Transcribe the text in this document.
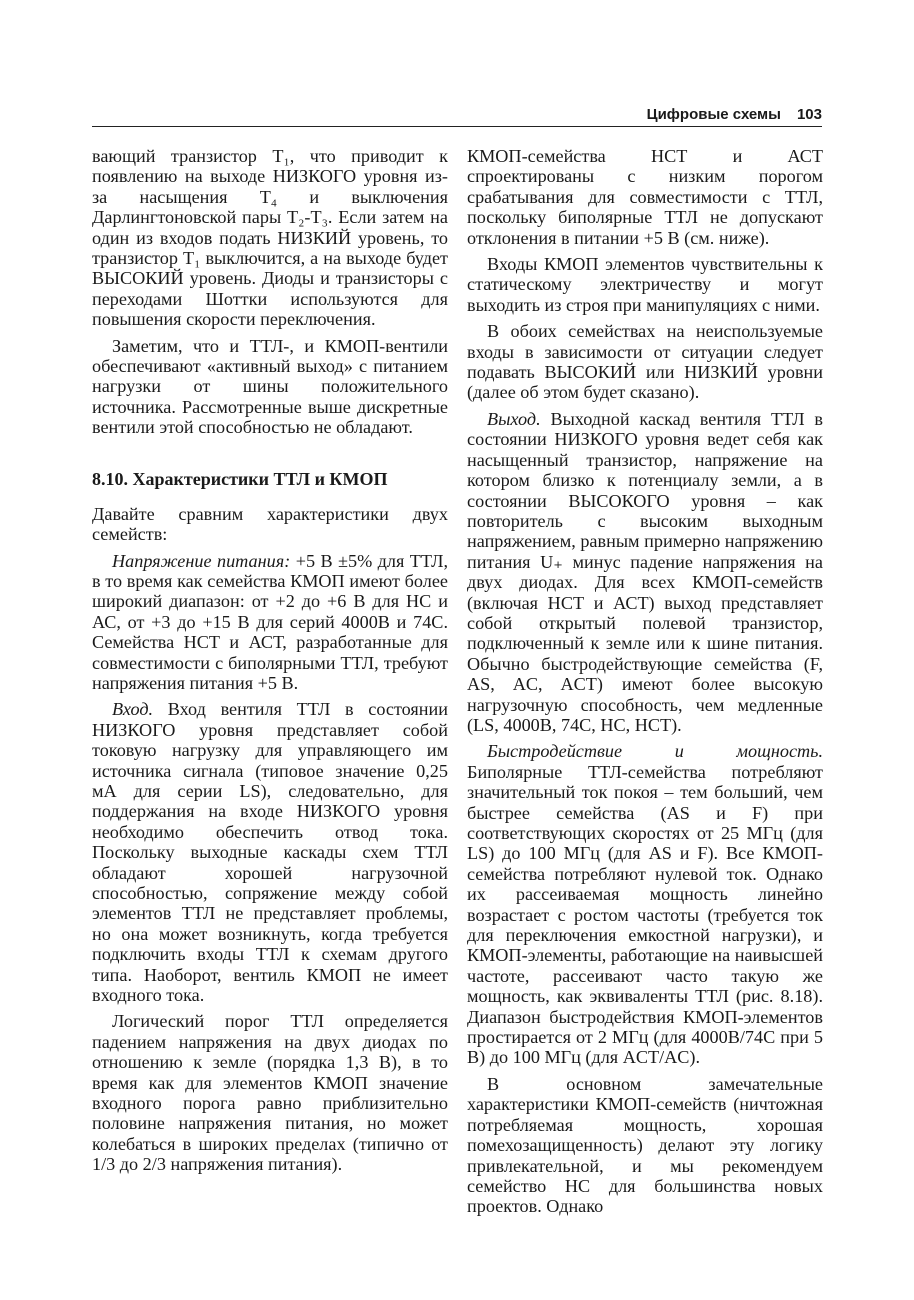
Цифровые схемы 103

вающий транзистор T₁, что приводит к появлению на выходе НИЗКОГО уровня из-за насыщения T₄ и выключения Дарлингтоновской пары T₂-T₃. Если затем на один из входов подать НИЗКИЙ уровень, то транзистор T₁ выключится, а на выходе будет ВЫСОКИЙ уровень. Диоды и транзисторы с переходами Шоттки используются для повышения скорости переключения.

Заметим, что и ТТЛ-, и КМОП-вентили обеспечивают «активный выход» с питанием нагрузки от шины положительного источника. Рассмотренные выше дискретные вентили этой способностью не обладают.

8.10. Характеристики ТТЛ и КМОП

Давайте сравним характеристики двух семейств:

Напряжение питания: +5 В ±5% для ТТЛ, в то время как семейства КМОП имеют более широкий диапазон: от +2 до +6 В для НС и АС, от +3 до +15 В для серий 4000В и 74С. Семейства НСТ и АСТ, разработанные для совместимости с биполярными ТТЛ, требуют напряжения питания +5 В.

Вход. Вход вентиля ТТЛ в состоянии НИЗКОГО уровня представляет собой токовую нагрузку для управляющего им источника сигнала (типовое значение 0,25 мА для серии LS), следовательно, для поддержания на входе НИЗКОГО уровня необходимо обеспечить отвод тока. Поскольку выходные каскады схем ТТЛ обладают хорошей нагрузочной способностью, сопряжение между собой элементов ТТЛ не представляет проблемы, но она может возникнуть, когда требуется подключить входы ТТЛ к схемам другого типа. Наоборот, вентиль КМОП не имеет входного тока.

Логический порог ТТЛ определяется падением напряжения на двух диодах по отношению к земле (порядка 1,3 В), в то время как для элементов КМОП значение входного порога равно приблизительно половине напряжения питания, но может колебаться в широких пределах (типично от 1/3 до 2/3 напряжения питания).

КМОП-семейства НСТ и АСТ спроектированы с низким порогом срабатывания для совместимости с ТТЛ, поскольку биполярные ТТЛ не допускают отклонения в питании +5 В (см. ниже).

Входы КМОП элементов чувствительны к статическому электричеству и могут выходить из строя при манипуляциях с ними.

В обоих семействах на неиспользуемые входы в зависимости от ситуации следует подавать ВЫСОКИЙ или НИЗКИЙ уровни (далее об этом будет сказано).

Выход. Выходной каскад вентиля ТТЛ в состоянии НИЗКОГО уровня ведет себя как насыщенный транзистор, напряжение на котором близко к потенциалу земли, а в состоянии ВЫСОКОГО уровня – как повторитель с высоким выходным напряжением, равным примерно напряжению питания U₊ минус падение напряжения на двух диодах. Для всех КМОП-семейств (включая НСТ и АСТ) выход представляет собой открытый полевой транзистор, подключенный к земле или к шине питания. Обычно быстродействующие семейства (F, AS, AC, ACT) имеют более высокую нагрузочную способность, чем медленные (LS, 4000B, 74C, HC, HCT).

Быстродействие и мощность. Биполярные ТТЛ-семейства потребляют значительный ток покоя – тем больший, чем быстрее семейства (AS и F) при соответствующих скоростях от 25 МГц (для LS) до 100 МГц (для AS и F). Все КМОП-семейства потребляют нулевой ток. Однако их рассеиваемая мощность линейно возрастает с ростом частоты (требуется ток для переключения емкостной нагрузки), и КМОП-элементы, работающие на наивысшей частоте, рассеивают часто такую же мощность, как эквиваленты ТТЛ (рис. 8.18). Диапазон быстродействия КМОП-элементов простирается от 2 МГц (для 4000B/74C при 5 В) до 100 МГц (для ACT/AC).

В основном замечательные характеристики КМОП-семейств (ничтожная потребляемая мощность, хорошая помехозащищенность) делают эту логику привлекательной, и мы рекомендуем семейство НС для большинства новых проектов. Однако
